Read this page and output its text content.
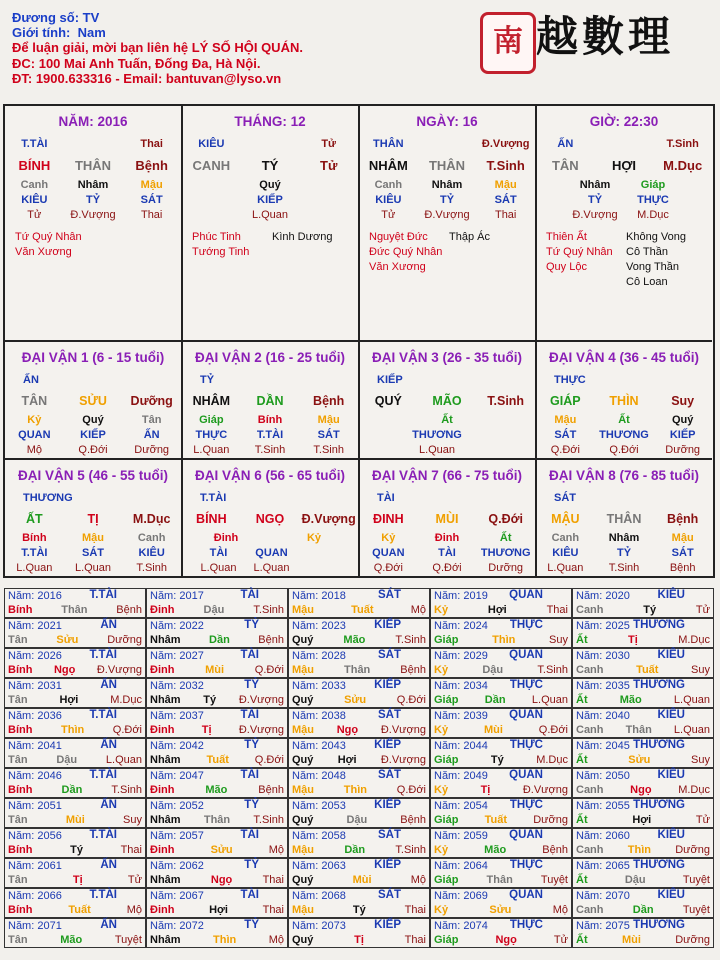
Đương số: TV
Giới tính: Nam
Để luận giải, mời bạn liên hệ LÝ SỐ HỘI QUÁN.
ĐC: 100 Mai Anh Tuấn, Đống Đa, Hà Nội.
ĐT: 1900.633316 - Email: bantuvan@lyso.vn
南 越數理
NĂM: 2016
T.TÀI	Thai
BÍNH	THÂN	Bệnh
Canh	Nhâm	Mậu
KIÊU	TỶ	SÁT
Tử	Đ.Vượng	Thai
Tứ Quý Nhân
Văn Xương
THÁNG: 12
KIÊU	Tử
CANH	TÝ	Tử
Quý
KIẾP
L.Quan
Phúc Tinh
Tướng Tinh
Kình Dương
NGÀY: 16
THÂN	Đ.Vượng
NHÂM	THÂN	T.Sinh
Canh	Nhâm	Mậu
KIÊU	TỶ	SÁT
Tử	Đ.Vượng	Thai
Nguyệt Đức
Đức Quý Nhân
Văn Xương
Thập Ác
GIỜ: 22:30
ẤN	T.Sinh
TÂN	HỢI	M.Dục
Nhâm	Giáp
TỶ	THỰC
Đ.Vượng	M.Dục
Thiên Ất
Tứ Quý Nhân
Quy Lộc
Không Vong
Cô Thần
Vong Thần
Cô Loan
ĐẠI VẬN 1 (6 - 15 tuổi)
ẤN
TÂN	SỬU	Dưỡng
Kỷ	Quý	Tân
QUAN	KIẾP	ẤN
Mộ	Q.Đới	Dưỡng
ĐẠI VẬN 2 (16 - 25 tuổi)
TỶ
NHÂM	DẦN	Bệnh
Giáp	Bính	Mậu
THỰC	T.TÀI	SÁT
L.Quan	T.Sinh	T.Sinh
ĐẠI VẬN 3 (26 - 35 tuổi)
KIẾP
QUÝ	MÃO	T.Sinh
Ất
THƯƠNG
L.Quan
ĐẠI VẬN 4 (36 - 45 tuổi)
THỰC
GIÁP	THÌN	Suy
Mậu	Ất	Quý
SÁT	THƯƠNG	KIẾP
Q.Đới	Q.Đới	Dưỡng
ĐẠI VẬN 5 (46 - 55 tuổi)
THƯƠNG
ẤT	TỊ	M.Dục
Bính	Mậu	Canh
T.TÀI	SÁT	KIÊU
L.Quan	L.Quan	T.Sinh
ĐẠI VẬN 6 (56 - 65 tuổi)
T.TÀI
BÍNH	NGỌ	Đ.Vượng
Đinh	Kỷ
TÀI	QUAN
L.Quan	L.Quan
ĐẠI VẬN 7 (66 - 75 tuổi)
TÀI
ĐINH	MÙI	Q.Đới
Kỷ	Đinh	Ất
QUAN	TÀI	THƯƠNG
Q.Đới	Q.Đới	Dưỡng
ĐẠI VẬN 8 (76 - 85 tuổi)
SÁT
MẬU	THÂN	Bệnh
Canh	Nhâm	Mậu
KIÊU	TỶ	SÁT
L.Quan	T.Sinh	Bệnh
Năm: 2016 T.TÀI
Bính	Thân	Bệnh
Năm: 2017	TÀI
Đinh	Dậu	T.Sinh
Năm: 2018	SÁT
Mậu	Tuất	Mộ
Năm: 2019 QUAN
Kỷ	Hợi	Thai
Năm: 2020 KIÊU
Canh	Tý	Tử
Năm: 2021	ẤN
Tân	Sửu	Dưỡng
Năm: 2022	TỶ
Nhâm	Dần	Bệnh
Năm: 2023 KIẾP
Quý	Mão	T.Sinh
Năm: 2024 THỰC
Giáp	Thìn	Suy
Năm: 2025 THƯƠNG
Ất	Tị	M.Dục
Năm: 2026 T.TÀI
Bính Ngọ Đ.Vượng
Năm: 2027	TÀI
Đinh	Mùi	Q.Đới
Năm: 2028	SÁT
Mậu	Thân	Bệnh
Năm: 2029 QUAN
Kỷ	Dậu	T.Sinh
Năm: 2030 KIÊU
Canh	Tuất	Suy
Năm: 2031	ẤN
Tân	Hợi	M.Dục
Năm: 2032	TỶ
Nhâm Tý Đ.Vượng
Năm: 2033 KIẾP
Quý	Sửu	Q.Đới
Năm: 2034 THỰC
Giáp Dần L.Quan
Năm: 2035 THƯƠNG
Ất	Mão	L.Quan
Năm: 2036 T.TÀI
Bính	Thìn	Q.Đới
Năm: 2037	TÀI
Đinh Tị Đ.Vượng
Năm: 2038	SÁT
Mậu Ngọ Đ.Vượng
Năm: 2039 QUAN
Kỷ	Mùi	Q.Đới
Năm: 2040 KIÊU
Canh Thân L.Quan
Năm: 2041	ẤN
Tân	Dậu	L.Quan
Năm: 2042	TỶ
Nhâm Tuất Q.Đới
Năm: 2043 KIẾP
Quý Hợi Đ.Vượng
Năm: 2044 THỰC
Giáp	Tý	M.Dục
Năm: 2045 THƯƠNG
Ất	Sửu	Suy
Năm: 2046 T.TÀI
Bính	Dần	T.Sinh
Năm: 2047	TÀI
Đinh	Mão	Bệnh
Năm: 2048	SÁT
Mậu	Thìn	Q.Đới
Năm: 2049 QUAN
Kỷ	Tị	Đ.Vượng
Năm: 2050 KIÊU
Canh Ngọ M.Dục
Năm: 2051	ẤN
Tân	Mùi	Suy
Năm: 2052	TỶ
Nhâm Thân T.Sinh
Năm: 2053 KIẾP
Quý	Dậu	Bệnh
Năm: 2054 THỰC
Giáp Tuất Dưỡng
Năm: 2055 THƯƠNG
Ất	Hợi	Tử
Năm: 2056 T.TÀI
Bính	Tý	Thai
Năm: 2057	TÀI
Đinh	Sửu	Mộ
Năm: 2058	SÁT
Mậu	Dần	T.Sinh
Năm: 2059 QUAN
Kỷ	Mão	Bệnh
Năm: 2060 KIÊU
Canh Thìn Dưỡng
Năm: 2061	ẤN
Tân	Tị	Tử
Năm: 2062	TỶ
Nhâm	Ngọ	Thai
Năm: 2063 KIẾP
Quý	Mùi	Mộ
Năm: 2064 THỰC
Giáp	Thân	Tuyệt
Năm: 2065 THƯƠNG
Ất	Dậu	Tuyệt
Năm: 2066 T.TÀI
Bính	Tuất	Mộ
Năm: 2067	TÀI
Đinh	Hợi	Thai
Năm: 2068	SÁT
Mậu	Tý	Thai
Năm: 2069 QUAN
Kỷ	Sửu	Mộ
Năm: 2070 KIÊU
Canh	Dần	Tuyệt
Năm: 2071	ẤN
Tân	Mão	Tuyệt
Năm: 2072	TỶ
Nhâm	Thìn	Mộ
Năm: 2073 KIẾP
Quý	Tị	Thai
Năm: 2074 THỰC
Giáp	Ngọ	Tử
Năm: 2075 THƯƠNG
Ất	Mùi	Dưỡng
